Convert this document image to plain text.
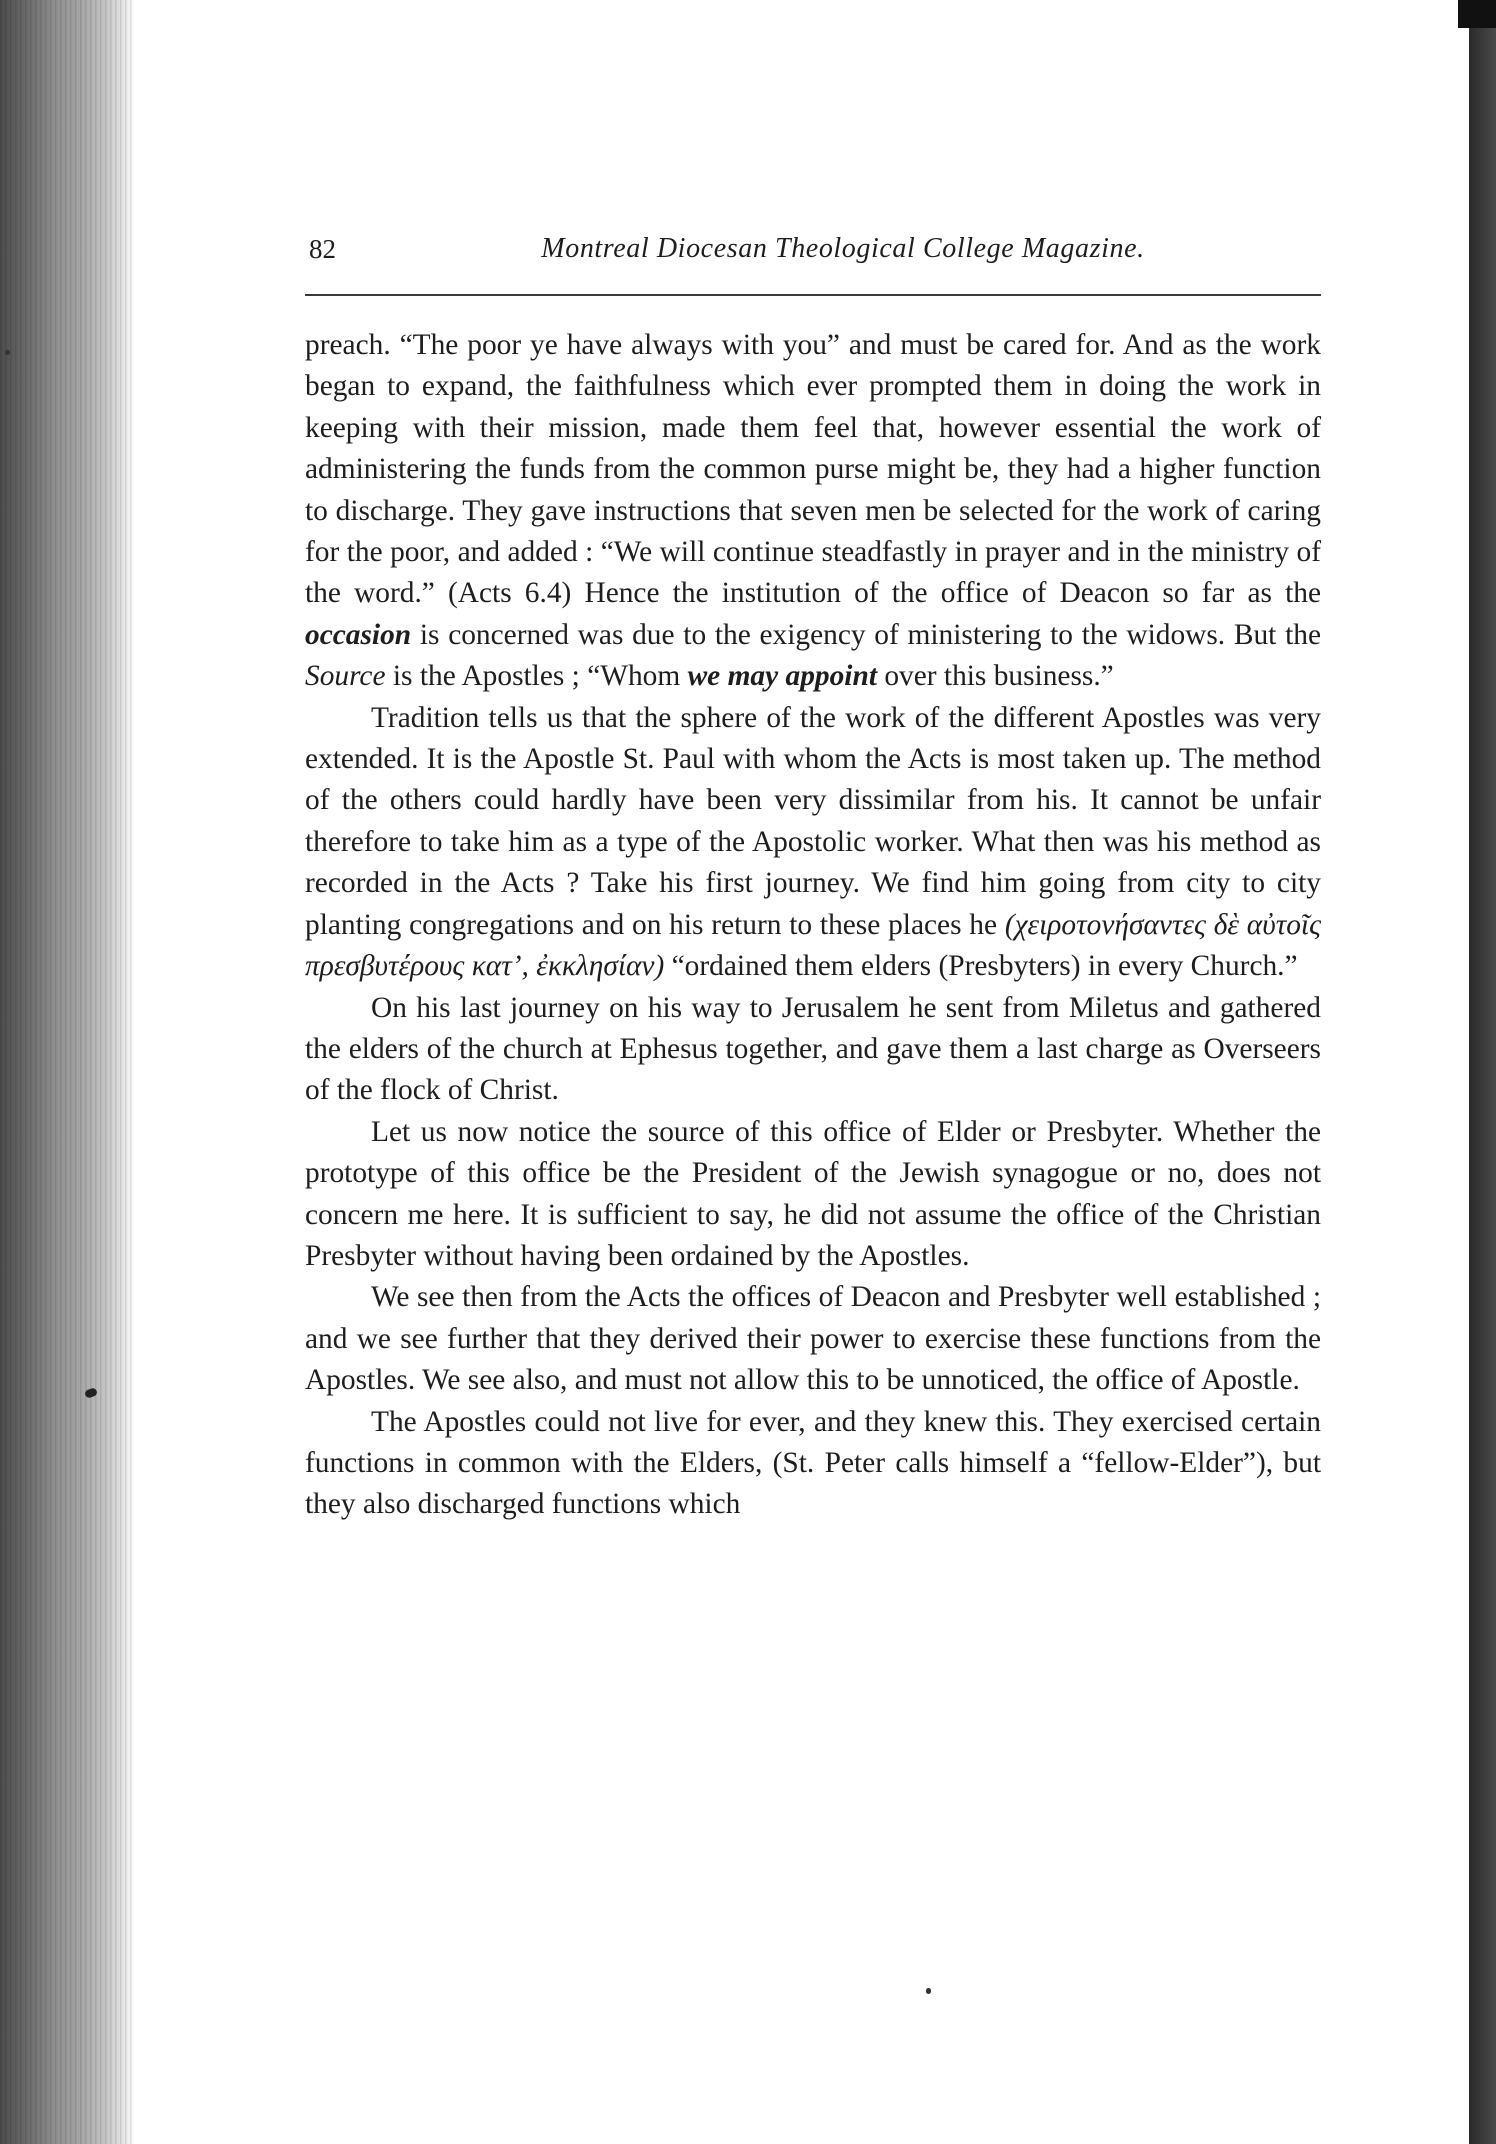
82	Montreal Diocesan Theological College Magazine.

preach. “The poor ye have always with you” and must be cared for. And as the work began to expand, the faithfulness which ever prompted them in doing the work in keeping with their mission, made them feel that, however essential the work of administering the funds from the common purse might be, they had a higher function to discharge. They gave instructions that seven men be selected for the work of caring for the poor, and added : “We will continue steadfastly in prayer and in the ministry of the word.” (Acts 6.4) Hence the institution of the office of Deacon so far as the occasion is concerned was due to the exigency of ministering to the widows. But the Source is the Apostles ; “Whom we may appoint over this business.”

Tradition tells us that the sphere of the work of the different Apostles was very extended. It is the Apostle St. Paul with whom the Acts is most taken up. The method of the others could hardly have been very dissimilar from his. It cannot be unfair therefore to take him as a type of the Apostolic worker. What then was his method as recorded in the Acts ? Take his first journey. We find him going from city to city planting congregations and on his return to these places he (χειροτονήσαντες δὲ αὐτοῖς πρεσβυτέρους κατ’, ἐκκλησίαν) “ordained them elders (Presbyters) in every Church.”

On his last journey on his way to Jerusalem he sent from Miletus and gathered the elders of the church at Ephesus together, and gave them a last charge as Overseers of the flock of Christ.

Let us now notice the source of this office of Elder or Presbyter. Whether the prototype of this office be the President of the Jewish synagogue or no, does not concern me here. It is sufficient to say, he did not assume the office of the Christian Presbyter without having been ordained by the Apostles.

We see then from the Acts the offices of Deacon and Presbyter well established ; and we see further that they derived their power to exercise these functions from the Apostles. We see also, and must not allow this to be unnoticed, the office of Apostle.

The Apostles could not live for ever, and they knew this. They exercised certain functions in common with the Elders, (St. Peter calls himself a “fellow-Elder”), but they also discharged functions which
